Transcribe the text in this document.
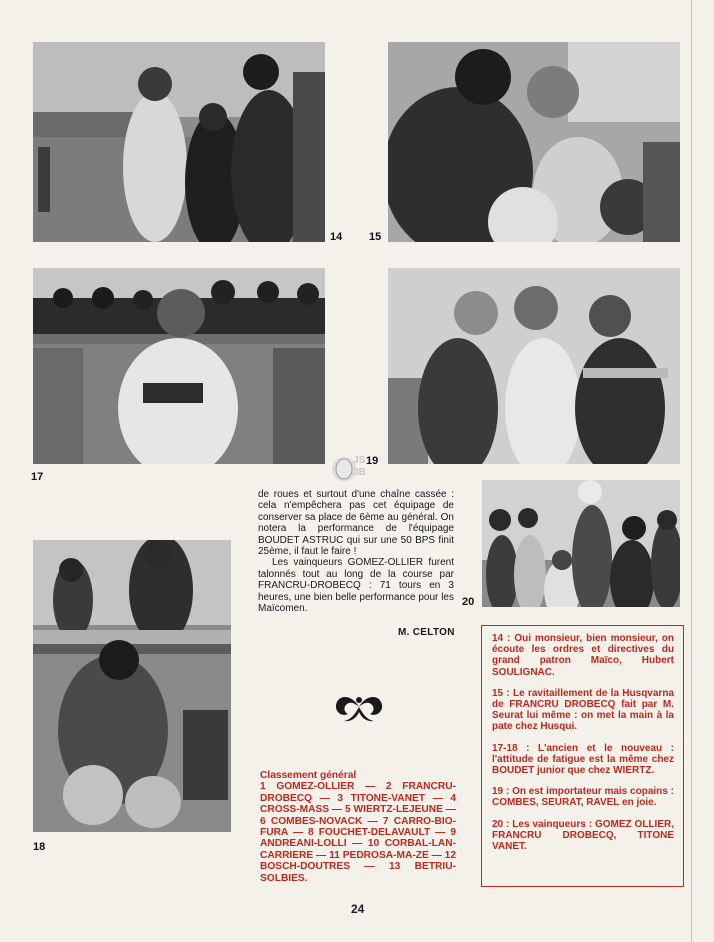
14 15
17
19
JS
JB

de roues et surtout d'une chaîne cassée : cela n'empêchera pas cet équipage de conserver sa place de 6ème au général. On notera la performance de l'équipage BOUDET ASTRUC qui sur une 50 BPS finit 25ème, il faut le faire !

Les vainqueurs GOMEZ-OLLIER furent talonnés tout au long de la course par FRANCRU-DROBECQ : 71 tours en 3 heures, une bien belle performance pour les Maïcomen.

M. CELTON
20
18
Classement général
1 GOMEZ-OLLIER — 2 FRANCRU-DROBECQ — 3 TITONE-VANET — 4 CROSS-MASS — 5 WIERTZ-LEJEUNE — 6 COMBES-NOVACK — 7 CARRO-BIO-FURA — 8 FOUCHET-DELAVAULT — 9 ANDREANI-LOLLI — 10 CORBAL-LAN-CARRIERE — 11 PEDROSA-MA-ZE — 12 BOSCH-DOUTRES — 13 BETRIU-SOLBIES.

14 : Oui monsieur, bien monsieur, on écoute les ordres et directives du grand patron Maïco, Hubert SOULIGNAC.

15 : Le ravitaillement de la Husqvarna de FRANCRU DROBECQ fait par M. Seurat lui même : on met la main à la pate chez Husqui.

17-18 : L'ancien et le nouveau : l'attitude de fatigue est la même chez BOUDET junior que chez WIERTZ.

19 : On est importateur mais copains : COMBES, SEURAT, RAVEL en joie.

20 : Les vainqueurs : GOMEZ OLLIER, FRANCRU DROBECQ, TITONE VANET.

24
